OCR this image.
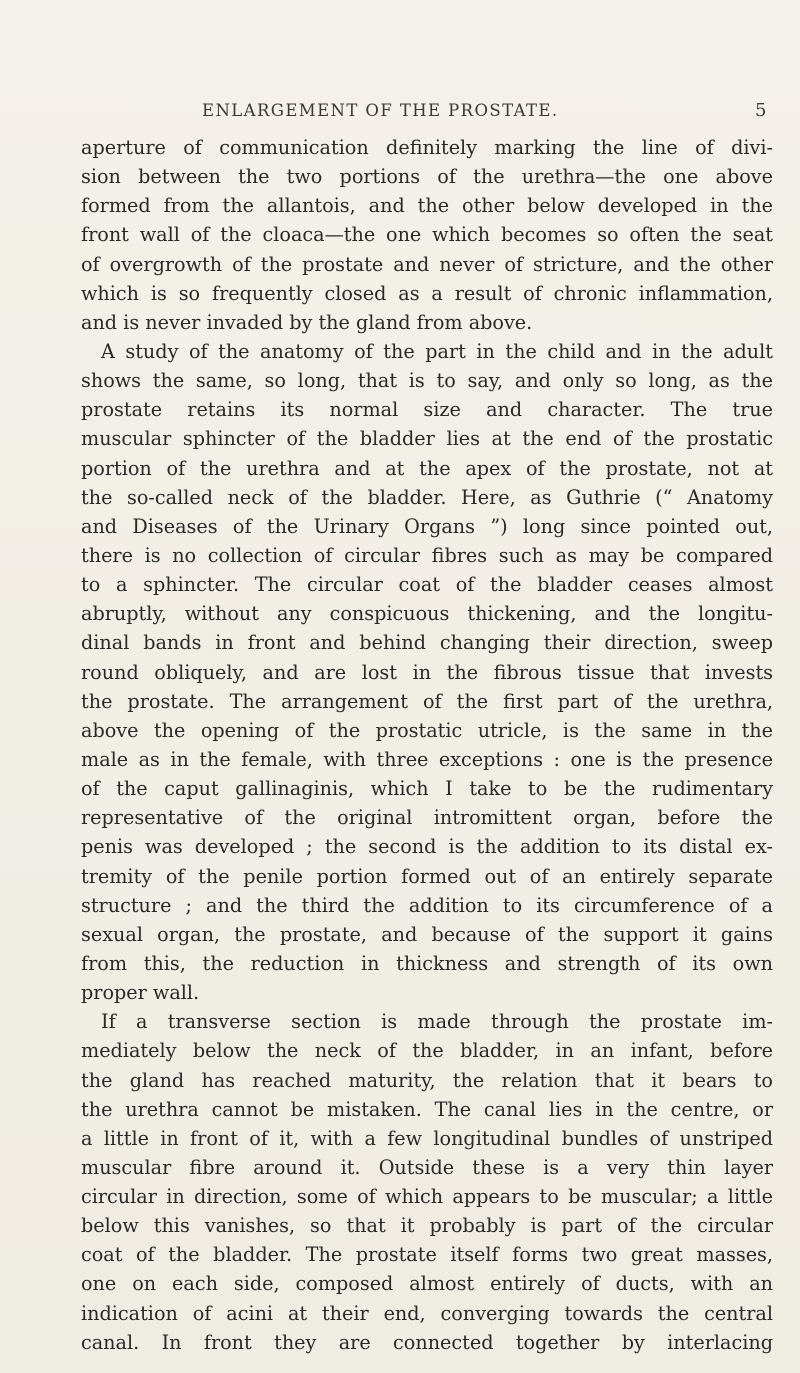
ENLARGEMENT OF THE PROSTATE.	5
aperture of communication definitely marking the line of divi-
sion between the two portions of the urethra—the one above
formed from the allantois, and the other below developed in the
front wall of the cloaca—the one which becomes so often the seat
of overgrowth of the prostate and never of stricture, and the other
which is so frequently closed as a result of chronic inflammation,
and is never invaded by the gland from above.
A study of the anatomy of the part in the child and in the adult
shows the same, so long, that is to say, and only so long, as the
prostate retains its normal size and character. The true
muscular sphincter of the bladder lies at the end of the prostatic
portion of the urethra and at the apex of the prostate, not at
the so-called neck of the bladder. Here, as Guthrie (“ Anatomy
and Diseases of the Urinary Organs ”) long since pointed out,
there is no collection of circular fibres such as may be compared
to a sphincter. The circular coat of the bladder ceases almost
abruptly, without any conspicuous thickening, and the longitu-
dinal bands in front and behind changing their direction, sweep
round obliquely, and are lost in the fibrous tissue that invests
the prostate. The arrangement of the first part of the urethra,
above the opening of the prostatic utricle, is the same in the
male as in the female, with three exceptions : one is the presence
of the caput gallinaginis, which I take to be the rudimentary
representative of the original intromittent organ, before the
penis was developed ; the second is the addition to its distal ex-
tremity of the penile portion formed out of an entirely separate
structure ; and the third the addition to its circumference of a
sexual organ, the prostate, and because of the support it gains
from this, the reduction in thickness and strength of its own
proper wall.
If a transverse section is made through the prostate im-
mediately below the neck of the bladder, in an infant, before
the gland has reached maturity, the relation that it bears to
the urethra cannot be mistaken. The canal lies in the centre, or
a little in front of it, with a few longitudinal bundles of unstriped
muscular fibre around it. Outside these is a very thin layer
circular in direction, some of which appears to be muscular; a little
below this vanishes, so that it probably is part of the circular
coat of the bladder. The prostate itself forms two great masses,
one on each side, composed almost entirely of ducts, with an
indication of acini at their end, converging towards the central
canal. In front they are connected together by interlacing
